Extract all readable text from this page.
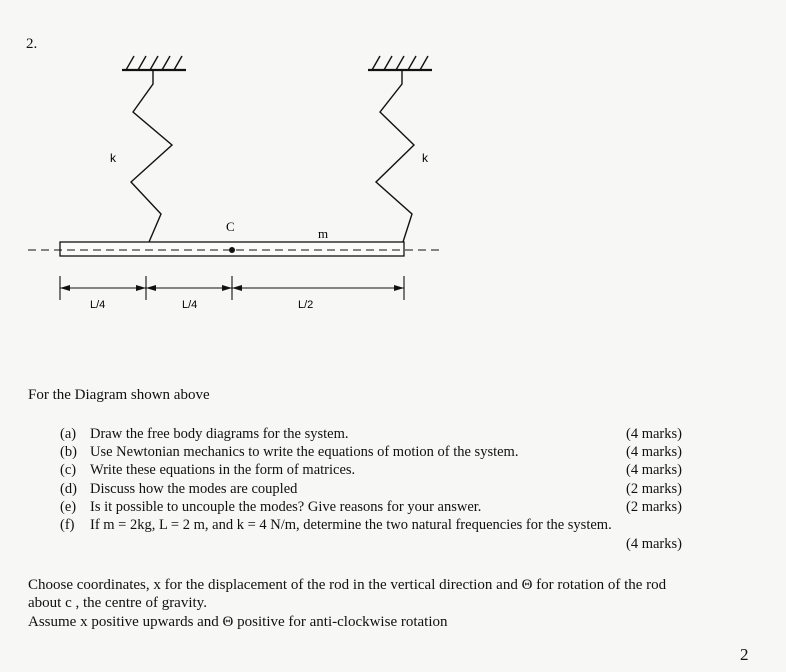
2.
k	k
C	m
L/4	L/4	L/2
For the Diagram shown above
(a) Draw the free body diagrams for the system.	(4 marks)
(b) Use Newtonian mechanics to write the equations of motion of the system.	(4 marks)
(c) Write these equations in the form of matrices.	(4 marks)
(d) Discuss how the modes are coupled	(2 marks)
(e) Is it possible to uncouple the modes? Give reasons for your answer.	(2 marks)
(f) If m = 2kg, L = 2 m, and k = 4 N/m, determine the two natural frequencies for the system.
(4 marks)
Choose coordinates, x for the displacement of the rod in the vertical direction and Θ for rotation of the rod
about c , the centre of gravity.
Assume x positive upwards and Θ positive for anti-clockwise rotation
2
